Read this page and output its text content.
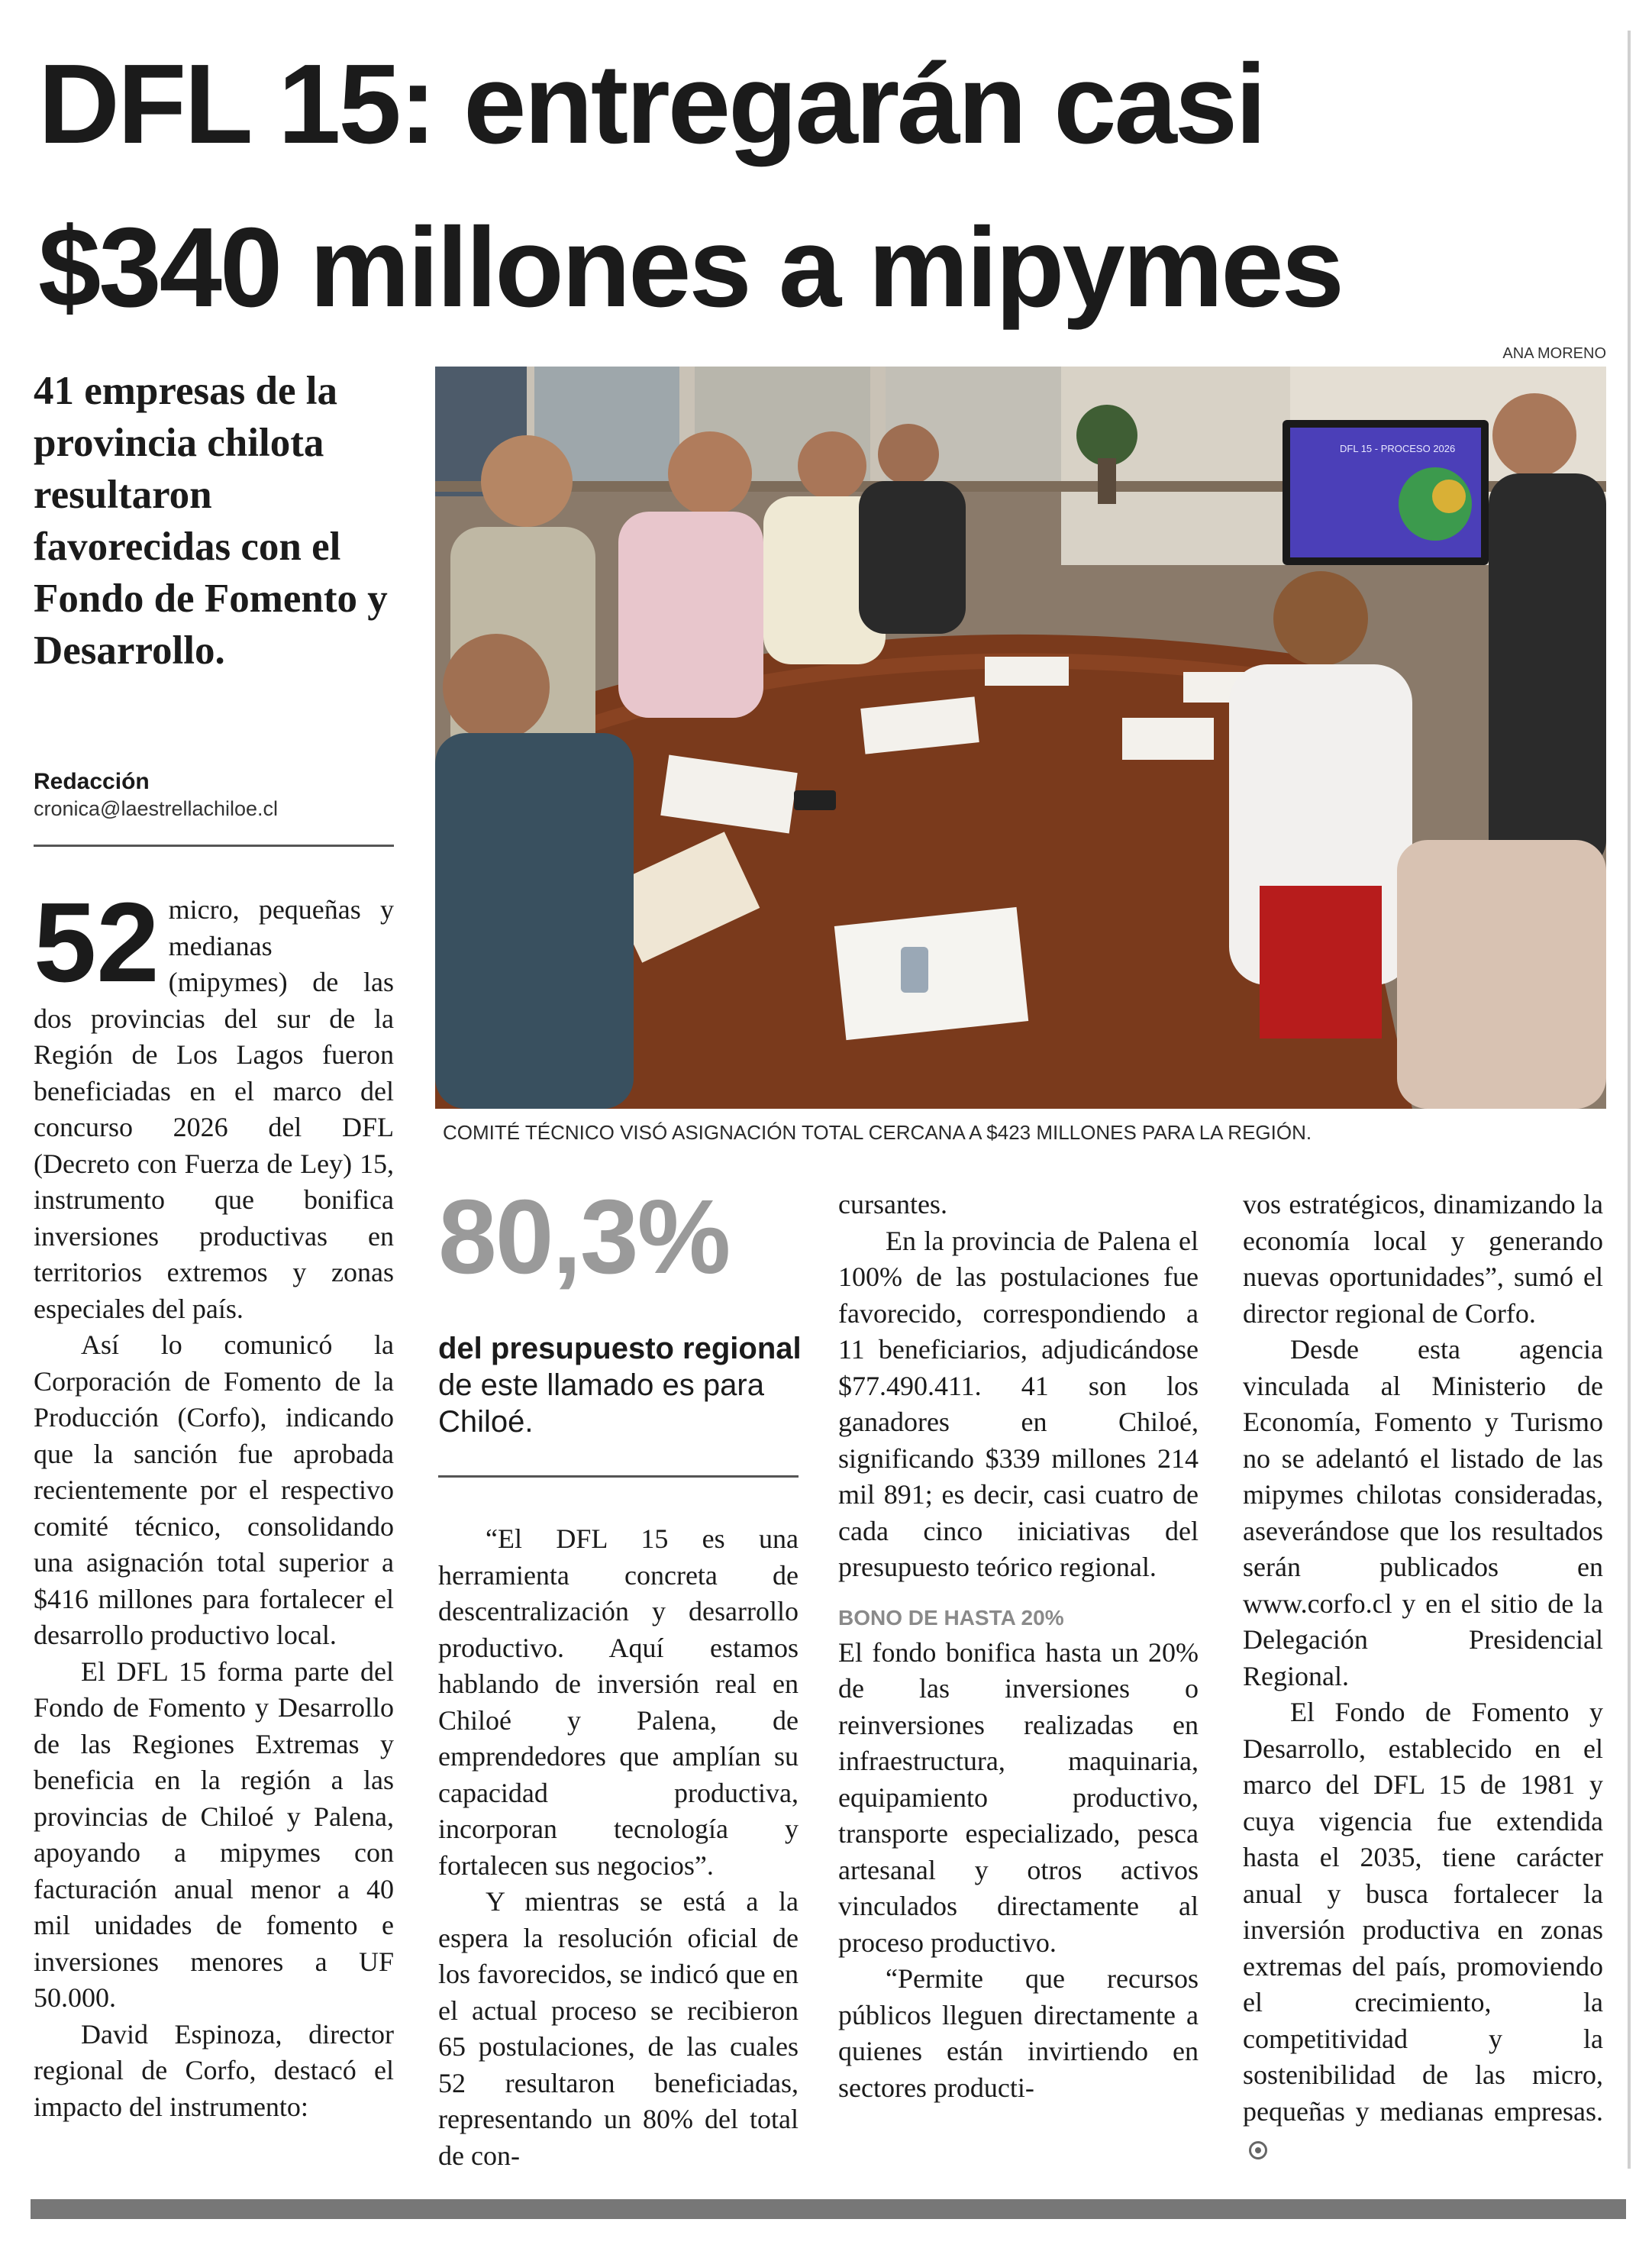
DFL 15: entregarán casi
$340 millones a mipymes
41 empresas de la provincia chilota resultaron favorecidas con el Fondo de Fomento y Desarrollo.
Redacción
cronica@laestrellachiloe.cl
ANA MORENO
DFL 15 - PROCESO 2026
COMITÉ TÉCNICO VISÓ ASIGNACIÓN TOTAL CERCANA A $423 MILLONES PARA LA REGIÓN.
52 micro, pequeñas y medianas (mipymes) de las dos provincias del sur de la Región de Los Lagos fueron beneficiadas en el marco del concurso 2026 del DFL (Decreto con Fuerza de Ley) 15, instrumento que bonifica inversiones productivas en territorios extremos y zonas especiales del país.

Así lo comunicó la Corporación de Fomento de la Producción (Corfo), indicando que la sanción fue aprobada recientemente por el respectivo comité técnico, consolidando una asignación total superior a $416 millones para fortalecer el desarrollo productivo local.

El DFL 15 forma parte del Fondo de Fomento y Desarrollo de las Regiones Extremas y beneficia en la región a las provincias de Chiloé y Palena, apoyando a mipymes con facturación anual menor a 40 mil unidades de fomento e inversiones menores a UF 50.000.

David Espinoza, director regional de Corfo, destacó el impacto del instrumento:

80,3%
del presupuesto regional de este llamado es para Chiloé.

“El DFL 15 es una herramienta concreta de descentralización y desarrollo productivo. Aquí estamos hablando de inversión real en Chiloé y Palena, de emprendedores que amplían su capacidad productiva, incorporan tecnología y fortalecen sus negocios”.

Y mientras se está a la espera la resolución oficial de los favorecidos, se indicó que en el actual proceso se recibieron 65 postulaciones, de las cuales 52 resultaron beneficiadas, representando un 80% del total de con-

cursantes.

En la provincia de Palena el 100% de las postulaciones fue favorecido, correspondiendo a 11 beneficiarios, adjudicándose $77.490.411. 41 son los ganadores en Chiloé, significando $339 millones 214 mil 891; es decir, casi cuatro de cada cinco iniciativas del presupuesto teórico regional.

BONO DE HASTA 20%

El fondo bonifica hasta un 20% de las inversiones o reinversiones realizadas en infraestructura, maquinaria, equipamiento productivo, transporte especializado, pesca artesanal y otros activos vinculados directamente al proceso productivo.

“Permite que recursos públicos lleguen directamente a quienes están invirtiendo en sectores producti-

vos estratégicos, dinamizando la economía local y generando nuevas oportunidades”, sumó el director regional de Corfo.

Desde esta agencia vinculada al Ministerio de Economía, Fomento y Turismo no se adelantó el listado de las mipymes chilotas consideradas, aseverándose que los resultados serán publicados en www.corfo.cl y en el sitio de la Delegación Presidencial Regional.

El Fondo de Fomento y Desarrollo, establecido en el marco del DFL 15 de 1981 y cuya vigencia fue extendida hasta el 2035, tiene carácter anual y busca fortalecer la inversión productiva en zonas extremas del país, promoviendo el crecimiento, la competitividad y la sostenibilidad de las micro, pequeñas y medianas empresas.
